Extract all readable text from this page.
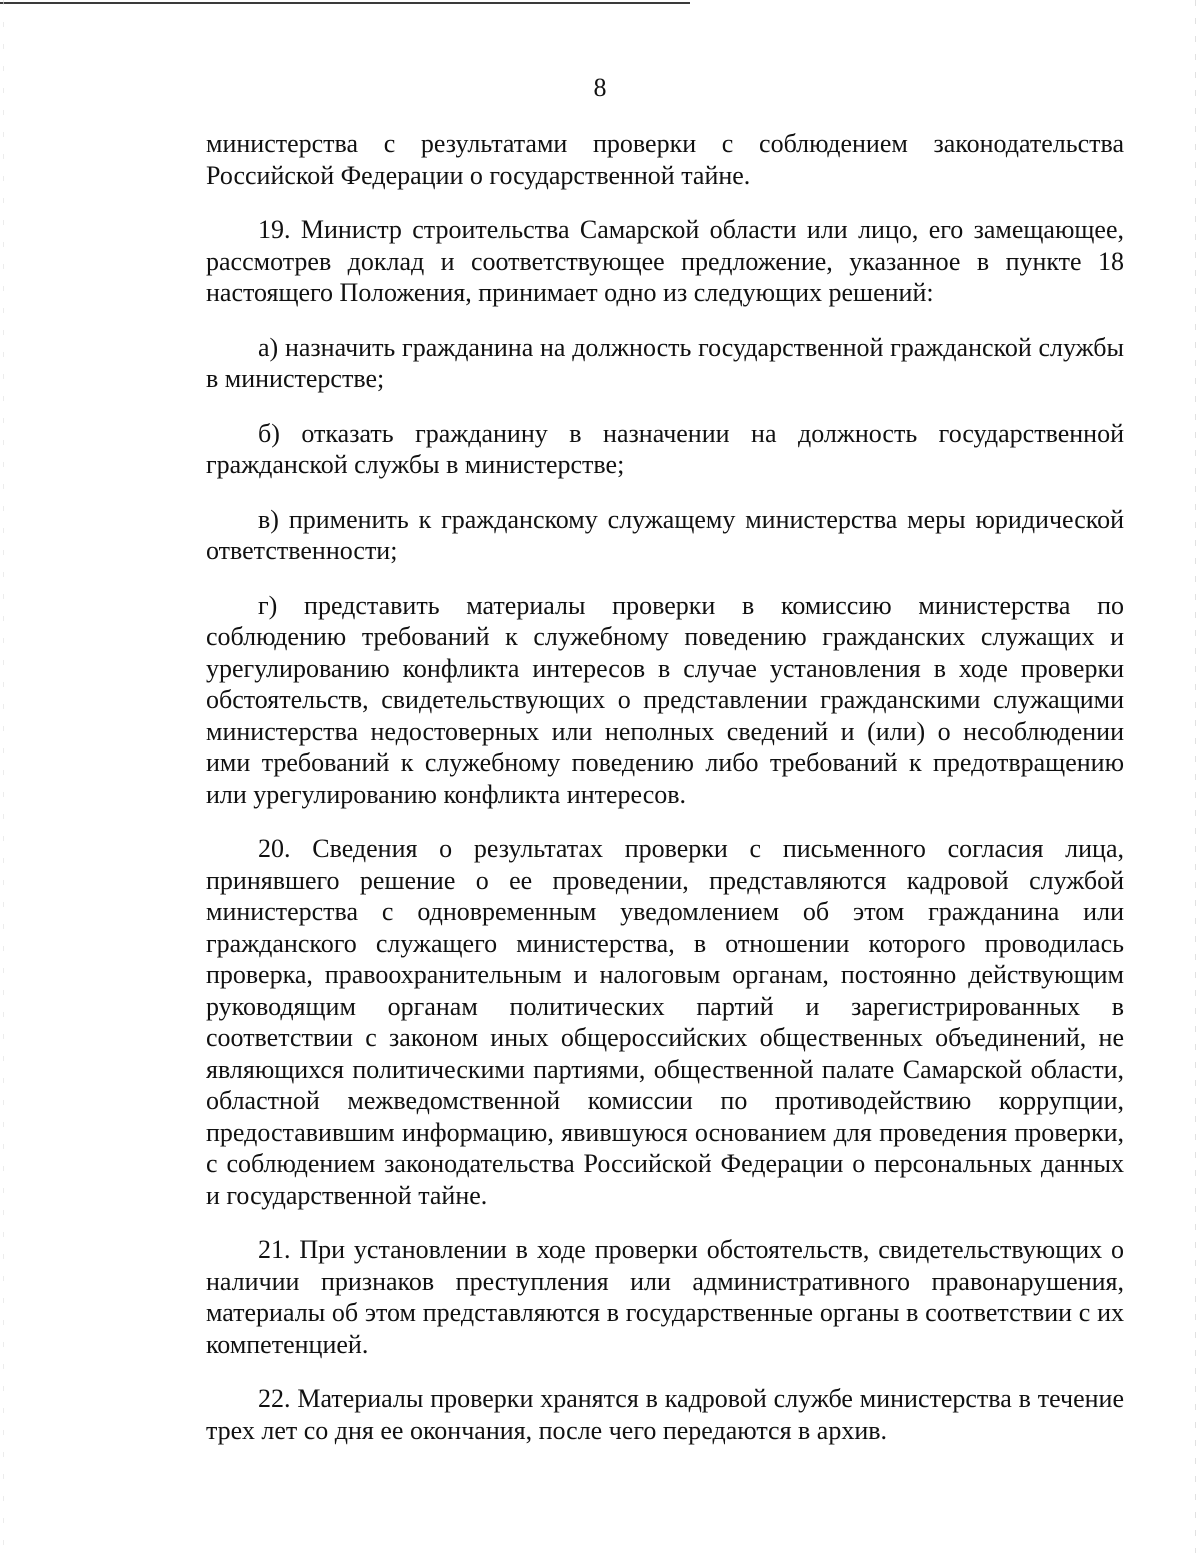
8

министерства с результатами проверки с соблюдением законодательства Российской Федерации о государственной тайне.

19. Министр строительства Самарской области или лицо, его замещающее, рассмотрев доклад и соответствующее предложение, указанное в пункте 18 настоящего Положения, принимает одно из следующих решений:

а) назначить гражданина на должность государственной гражданской службы в министерстве;

б) отказать гражданину в назначении на должность государственной гражданской службы в министерстве;

в) применить к гражданскому служащему министерства меры юридической ответственности;

г) представить материалы проверки в комиссию министерства по соблюдению требований к служебному поведению гражданских служащих и урегулированию конфликта интересов в случае установления в ходе проверки обстоятельств, свидетельствующих о представлении гражданскими служащими министерства недостоверных или неполных сведений и (или) о несоблюдении ими требований к служебному поведению либо требований к предотвращению или урегулированию конфликта интересов.

20. Сведения о результатах проверки с письменного согласия лица, принявшего решение о ее проведении, представляются кадровой службой министерства с одновременным уведомлением об этом гражданина или гражданского служащего министерства, в отношении которого проводилась проверка, правоохранительным и налоговым органам, постоянно действующим руководящим органам политических партий и зарегистрированных в соответствии с законом иных общероссийских общественных объединений, не являющихся политическими партиями, общественной палате Самарской области, областной межведомственной комиссии по противодействию коррупции, предоставившим информацию, явившуюся основанием для проведения проверки, с соблюдением законодательства Российской Федерации о персональных данных и государственной тайне.

21. При установлении в ходе проверки обстоятельств, свидетельствующих о наличии признаков преступления или административного правонарушения, материалы об этом представляются в государственные органы в соответствии с их компетенцией.

22. Материалы проверки хранятся в кадровой службе министерства в течение трех лет со дня ее окончания, после чего передаются в архив.
